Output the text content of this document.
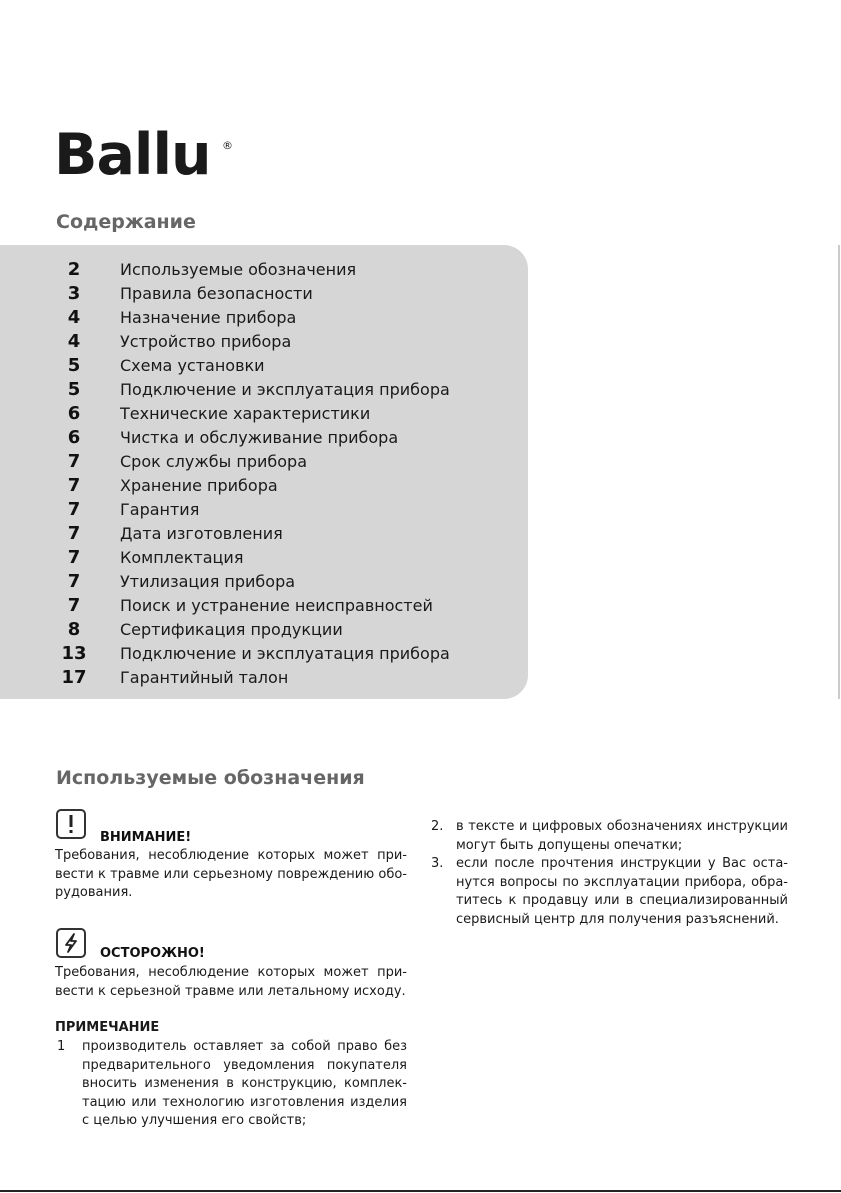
Ballu	®
Содержание
2	Используемые обозначения
3	Правила безопасности
4	Назначение прибора
4	Устройство прибора
5	Схема установки
5	Подключение и эксплуатация прибора
6	Технические характеристики
6	Чистка и обслуживание прибора
7	Срок службы прибора
7	Хранение прибора
7	Гарантия
7	Дата изготовления
7	Комплектация
7	Утилизация прибора
7	Поиск и устранение неисправностей
8	Сертификация продукции
13	Подключение и эксплуатация прибора
17	Гарантийный талон
Используемые обозначения
ВНИМАНИЕ!
Требования, несоблюдение которых может при- вести к травме или серьезному повреждению обо- рудования.
ОСТОРОЖНО!
Требования, несоблюдение которых может при- вести к серьезной травме или летальному исходу.
ПРИМЕЧАНИЕ
1 производитель оставляет за собой право без предварительного уведомления покупателя вносить изменения в конструкцию, комплек- тацию или технологию изготовления изделия с целью улучшения его свойств;
2. в тексте и цифровых обозначениях инструкции могут быть допущены опечатки;
3. если после прочтения инструкции у Вас оста- нутся вопросы по эксплуатации прибора, обра- титесь к продавцу или в специализированный сервисный центр для получения разъяснений.
